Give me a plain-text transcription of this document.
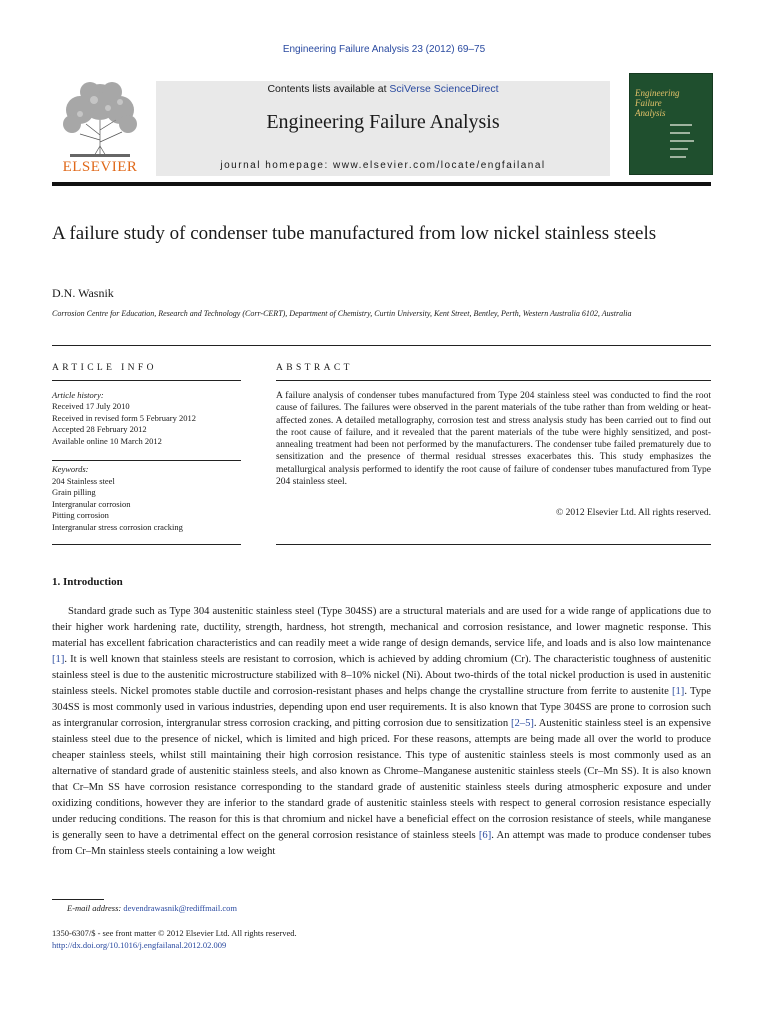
Engineering Failure Analysis 23 (2012) 69–75
ELSEVIER
Contents lists available at SciVerse ScienceDirect
Engineering Failure Analysis
journal homepage: www.elsevier.com/locate/engfailanal
Engineering
Failure
Analysis
A failure study of condenser tube manufactured from low nickel stainless steels
D.N. Wasnik
Corrosion Centre for Education, Research and Technology (Corr-CERT), Department of Chemistry, Curtin University, Kent Street, Bentley, Perth, Western Australia 6102, Australia
ARTICLE INFO	ABSTRACT
Article history:
Received 17 July 2010
Received in revised form 5 February 2012
Accepted 28 February 2012
Available online 10 March 2012
Keywords:
204 Stainless steel
Grain pilling
Intergranular corrosion
Pitting corrosion
Intergranular stress corrosion cracking
A failure analysis of condenser tubes manufactured from Type 204 stainless steel was conducted to find the root cause of failures. The failures were observed in the parent materials of the tube rather than from welding or heat-affected zones. A detailed metallography, corrosion test and stress analysis study has been carried out to find out the root cause of failure, and it revealed that the parent materials of the tube were highly sensitized, and post-annealing treatment had been not performed by the manufacturers. The condenser tube failed prematurely due to sensitization and the presence of thermal residual stresses exacerbates this. This study emphasizes the metallurgical analysis performed to identify the root cause of failure of condenser tubes manufactured from Type 204 stainless steel.
© 2012 Elsevier Ltd. All rights reserved.
1. Introduction
Standard grade such as Type 304 austenitic stainless steel (Type 304SS) are a structural materials and are used for a wide range of applications due to their higher work hardening rate, ductility, strength, hardness, hot strength, mechanical and corrosion resistance, and lower magnetic response. This material has excellent fabrication characteristics and can readily meet a wide range of design demands, service life, and loads and is also low maintenance [1]. It is well known that stainless steels are resistant to corrosion, which is achieved by adding chromium (Cr). The characteristic toughness of austenitic stainless steel is due to the austenitic microstructure stabilized with 8–10% nickel (Ni). About two-thirds of the total nickel production is used in austenitic stainless steels. Nickel promotes stable ductile and corrosion-resistant phases and helps change the crystalline structure from ferrite to austenite [1]. Type 304SS is most commonly used in various industries, depending upon end user requirements. It is also known that Type 304SS are prone to corrosion such as intergranular corrosion, intergranular stress corrosion cracking, and pitting corrosion due to sensitization [2–5]. Austenitic stainless steel is an expensive stainless steel due to the presence of nickel, which is limited and high priced. For these reasons, attempts are being made all over the world to produce cheaper stainless steels, whilst still maintaining their high corrosion resistance. This type of austenitic stainless steels is most commonly used as an alternative of standard grade of austenitic stainless steels, and also known as Chrome–Manganese austenitic stainless steels (Cr–Mn SS). It is also known that Cr–Mn SS have corrosion resistance corresponding to the standard grade of austenitic stainless steels during atmospheric exposure and under oxidizing conditions, however they are inferior to the standard grade of austenitic stainless steels with respect to general corrosion resistance especially under reducing conditions. The reason for this is that chromium and nickel have a beneficial effect on the corrosion resistance of steels, while manganese is generally seen to have a detrimental effect on the general corrosion resistance of stainless steels [6]. An attempt was made to produce condenser tubes from Cr–Mn stainless steels containing a low weight
E-mail address: devendrawasnik@rediffmail.com
1350-6307/$ - see front matter © 2012 Elsevier Ltd. All rights reserved.
http://dx.doi.org/10.1016/j.engfailanal.2012.02.009
